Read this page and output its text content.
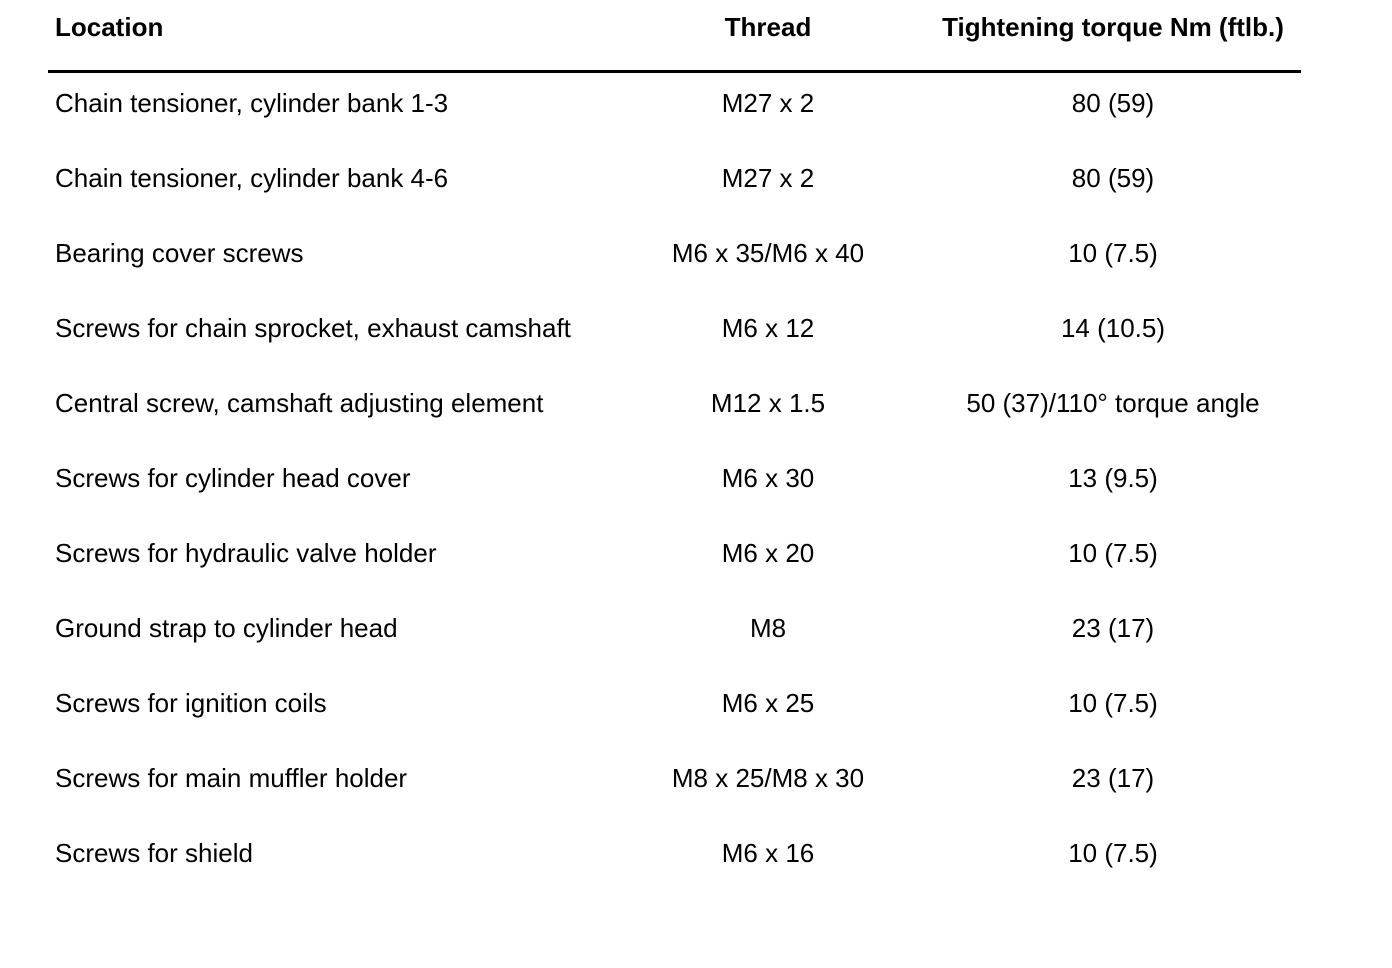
Location	Thread	Tightening torque Nm (ftlb.)
Chain tensioner, cylinder bank 1-3	M27 x 2	80 (59)
Chain tensioner, cylinder bank 4-6	M27 x 2	80 (59)
Bearing cover screws	M6 x 35/M6 x 40	10 (7.5)
Screws for chain sprocket, exhaust camshaft	M6 x 12	14 (10.5)
Central screw, camshaft adjusting element	M12 x 1.5	50 (37)/110° torque angle
Screws for cylinder head cover	M6 x 30	13 (9.5)
Screws for hydraulic valve holder	M6 x 20	10 (7.5)
Ground strap to cylinder head	M8	23 (17)
Screws for ignition coils	M6 x 25	10 (7.5)
Screws for main muffler holder	M8 x 25/M8 x 30	23 (17)
Screws for shield	M6 x 16	10 (7.5)
